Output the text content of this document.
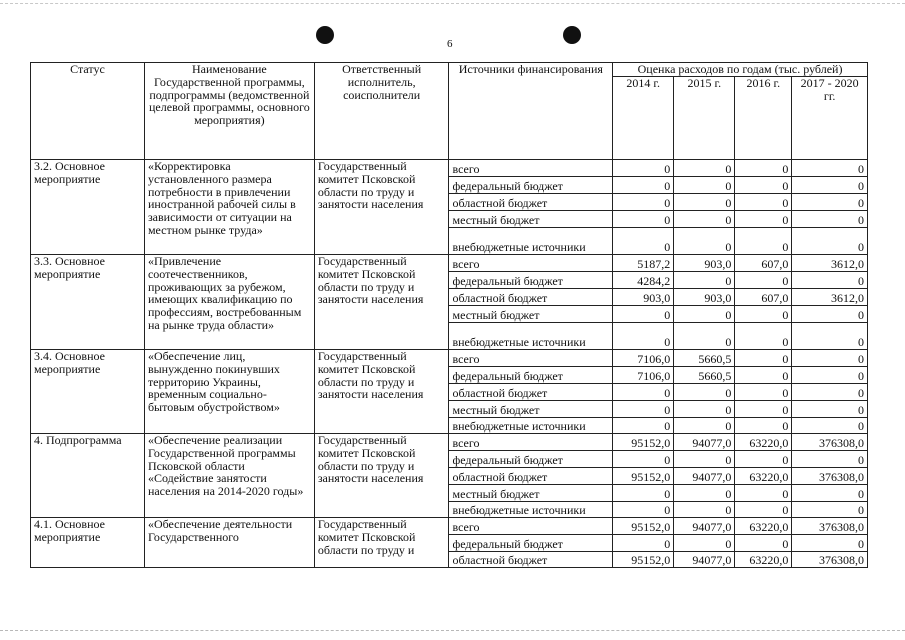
6
Статус	Наименование Государственной программы, подпрограммы (ведомственной целевой программы, основного мероприятия)	Ответственный исполнитель, соисполнители	Источники финансирования	Оценка расходов по годам (тыс. рублей)			
				2014 г.	2015 г.	2016 г.	2017 - 2020 гг.
3.2. Основное мероприятие	«Корректировка установленного размера потребности в привлечении иностранной рабочей силы в зависимости от ситуации на местном рынке труда»	Государственный комитет Псковской области по труду и занятости населения	всего	0	0	0	0
			федеральный бюджет	0	0	0	0
			областной бюджет	0	0	0	0
			местный бюджет	0	0	0	0
			внебюджетные источники	0	0	0	0
3.3. Основное мероприятие	«Привлечение соотечественников, проживающих за рубежом, имеющих квалификацию по профессиям, востребованным на рынке труда области»	Государственный комитет Псковской области по труду и занятости населения	всего	5187,2	903,0	607,0	3612,0
			федеральный бюджет	4284,2	0	0	0
			областной бюджет	903,0	903,0	607,0	3612,0
			местный бюджет	0	0	0	0
			внебюджетные источники	0	0	0	0
3.4. Основное мероприятие	«Обеспечение лиц, вынужденно покинувших территорию Украины, временным социально-бытовым обустройством»	Государственный комитет Псковской области по труду и занятости населения	всего	7106,0	5660,5	0	0
			федеральный бюджет	7106,0	5660,5	0	0
			областной бюджет	0	0	0	0
			местный бюджет	0	0	0	0
			внебюджетные источники	0	0	0	0
4. Подпрограмма	«Обеспечение реализации Государственной программы Псковской области «Содействие занятости населения на 2014-2020 годы»	Государственный комитет Псковской области по труду и занятости населения	всего	95152,0	94077,0	63220,0	376308,0
			федеральный бюджет	0	0	0	0
			областной бюджет	95152,0	94077,0	63220,0	376308,0
			местный бюджет	0	0	0	0
			внебюджетные источники	0	0	0	0
4.1. Основное мероприятие	«Обеспечение деятельности Государственного	Государственный комитет Псковской области по труду и	всего	95152,0	94077,0	63220,0	376308,0
			федеральный бюджет	0	0	0	0
			областной бюджет	95152,0	94077,0	63220,0	376308,0
